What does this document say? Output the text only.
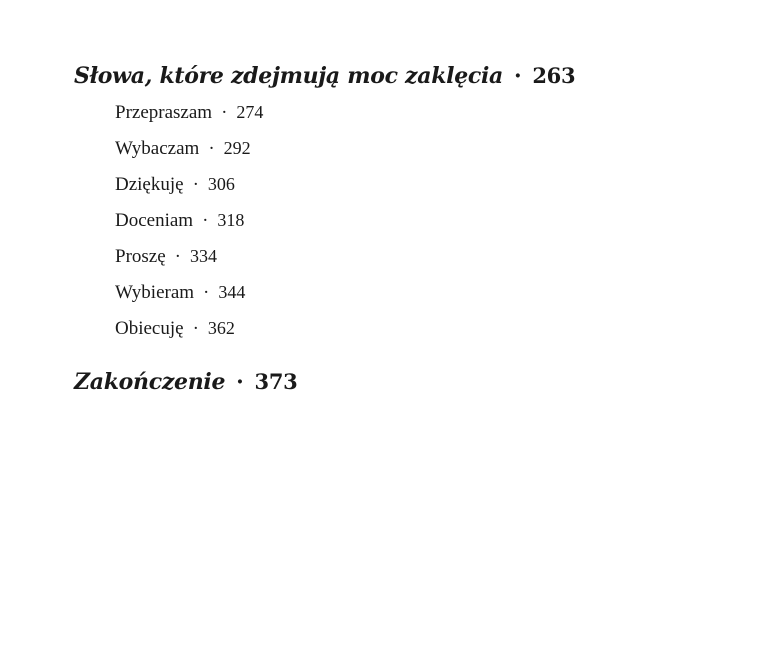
Słowa, które zdejmują moc zaklęcia · 263
Przepraszam · 274
Wybaczam · 292
Dziękuję · 306
Doceniam · 318
Proszę · 334
Wybieram · 344
Obiecuję · 362
Zakończenie · 373
